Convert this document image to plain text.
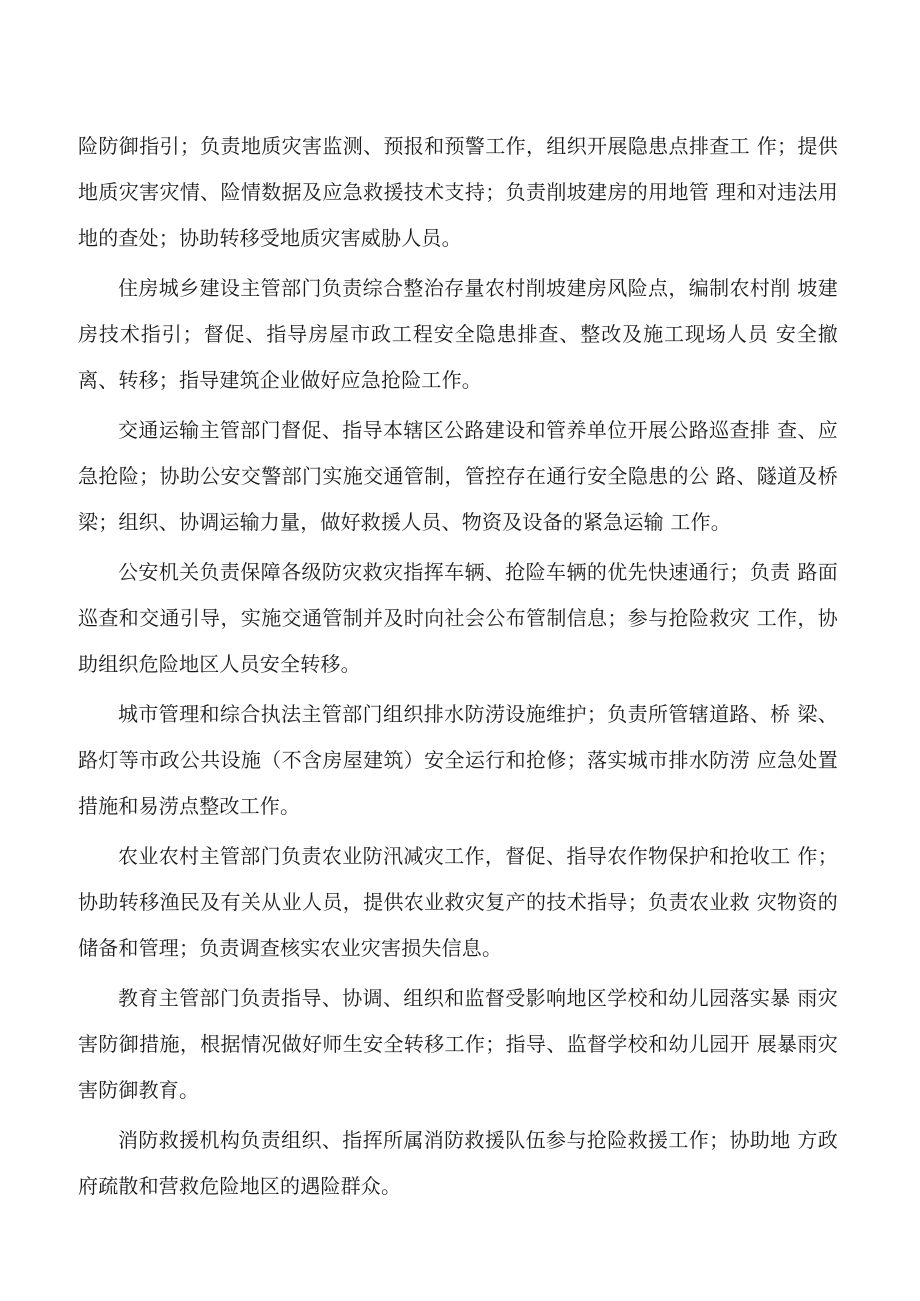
险防御指引；负责地质灾害监测、预报和预警工作，组织开展隐患点排查工 作；提供地质灾害灾情、险情数据及应急救援技术支持；负责削坡建房的用地管 理和对违法用地的查处；协助转移受地质灾害威胁人员。

住房城乡建设主管部门负责综合整治存量农村削坡建房风险点，编制农村削 坡建房技术指引；督促、指导房屋市政工程安全隐患排查、整改及施工现场人员 安全撤离、转移；指导建筑企业做好应急抢险工作。

交通运输主管部门督促、指导本辖区公路建设和管养单位开展公路巡查排 查、应急抢险；协助公安交警部门实施交通管制，管控存在通行安全隐患的公 路、隧道及桥梁；组织、协调运输力量，做好救援人员、物资及设备的紧急运输 工作。

公安机关负责保障各级防灾救灾指挥车辆、抢险车辆的优先快速通行；负责 路面巡查和交通引导，实施交通管制并及时向社会公布管制信息；参与抢险救灾 工作，协助组织危险地区人员安全转移。

城市管理和综合执法主管部门组织排水防涝设施维护；负责所管辖道路、桥 梁、路灯等市政公共设施（不含房屋建筑）安全运行和抢修；落实城市排水防涝 应急处置措施和易涝点整改工作。

农业农村主管部门负责农业防汛减灾工作，督促、指导农作物保护和抢收工 作；协助转移渔民及有关从业人员，提供农业救灾复产的技术指导；负责农业救 灾物资的储备和管理；负责调查核实农业灾害损失信息。

教育主管部门负责指导、协调、组织和监督受影响地区学校和幼儿园落实暴 雨灾害防御措施，根据情况做好师生安全转移工作；指导、监督学校和幼儿园开 展暴雨灾害防御教育。

消防救援机构负责组织、指挥所属消防救援队伍参与抢险救援工作；协助地 方政府疏散和营救危险地区的遇险群众。
